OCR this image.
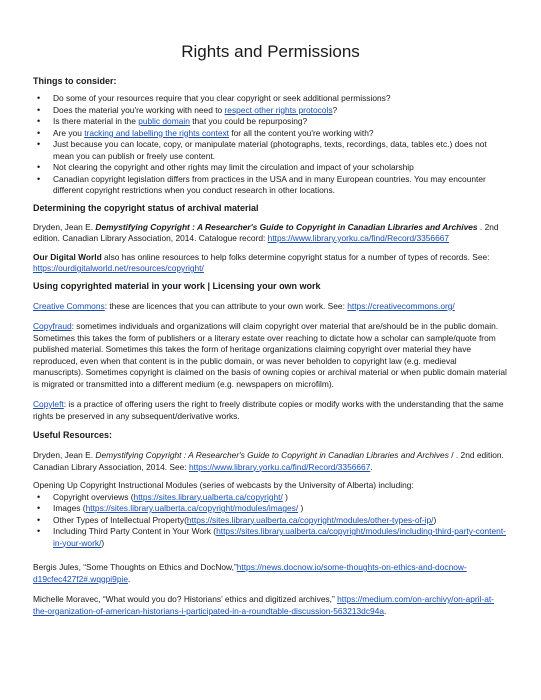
Rights and Permissions
Things to consider:
• Do some of your resources require that you clear copyright or seek additional permissions?
• Does the material you're working with need to respect other rights protocols?
• Is there material in the public domain that you could be repurposing?
• Are you tracking and labelling the rights context for all the content you're working with?
• Just because you can locate, copy, or manipulate material (photographs, texts, recordings, data, tables etc.) does not mean you can publish or freely use content.
• Not clearing the copyright and other rights may limit the circulation and impact of your scholarship
• Canadian copyright legislation differs from practices in the USA and in many European countries. You may encounter different copyright restrictions when you conduct research in other locations.
Determining the copyright status of archival material

Dryden, Jean E. Demystifying Copyright : A Researcher's Guide to Copyright in Canadian Libraries and Archives . 2nd edition. Canadian Library Association, 2014. Catalogue record: https://www.library.yorku.ca/find/Record/3356667

Our Digital World also has online resources to help folks determine copyright status for a number of types of records. See: https://ourdigitalworld.net/resources/copyright/

Using copyrighted material in your work | Licensing your own work

Creative Commons: these are licences that you can attribute to your own work. See: https://creativecommons.org/

Copyfraud: sometimes individuals and organizations will claim copyright over material that are/should be in the public domain. Sometimes this takes the form of publishers or a literary estate over reaching to dictate how a scholar can sample/quote from published material. Sometimes this takes the form of heritage organizations claiming copyright over material they have reproduced, even when that content is in the public domain, or was never beholden to copyright law (e.g. medieval manuscripts). Sometimes copyright is claimed on the basis of owning copies or archival material or when public domain material is migrated or transmitted into a different medium (e.g. newspapers on microfilm).

Copyleft: is a practice of offering users the right to freely distribute copies or modify works with the understanding that the same rights be preserved in any subsequent/derivative works.

Useful Resources:

Dryden, Jean E. Demystifying Copyright : A Researcher's Guide to Copyright in Canadian Libraries and Archives / . 2nd edition. Canadian Library Association, 2014. See: https://www.library.yorku.ca/find/Record/3356667.

Opening Up Copyright Instructional Modules (series of webcasts by the University of Alberta) including:

• Copyright overviews (https://sites.library.ualberta.ca/copyright/ )
• Images (https://sites.library.ualberta.ca/copyright/modules/images/ )
• Other Types of Intellectual Property(https://sites.library.ualberta.ca/copyright/modules/other-types-of-ip/)
• Including Third Party Content in Your Work (https://sites.library.ualberta.ca/copyright/modules/including-third-party-content-in-your-work/)

Bergis Jules, “Some Thoughts on Ethics and DocNow,”https://news.docnow.io/some-thoughts-on-ethics-and-docnow-d19cfec427f2#.wqgpi9pie.

Michelle Moravec, “What would you do? Historians’ ethics and digitized archives,” https://medium.com/on-archivy/on-april-at-the-organization-of-american-historians-i-participated-in-a-roundtable-discussion-563213dc94a.
